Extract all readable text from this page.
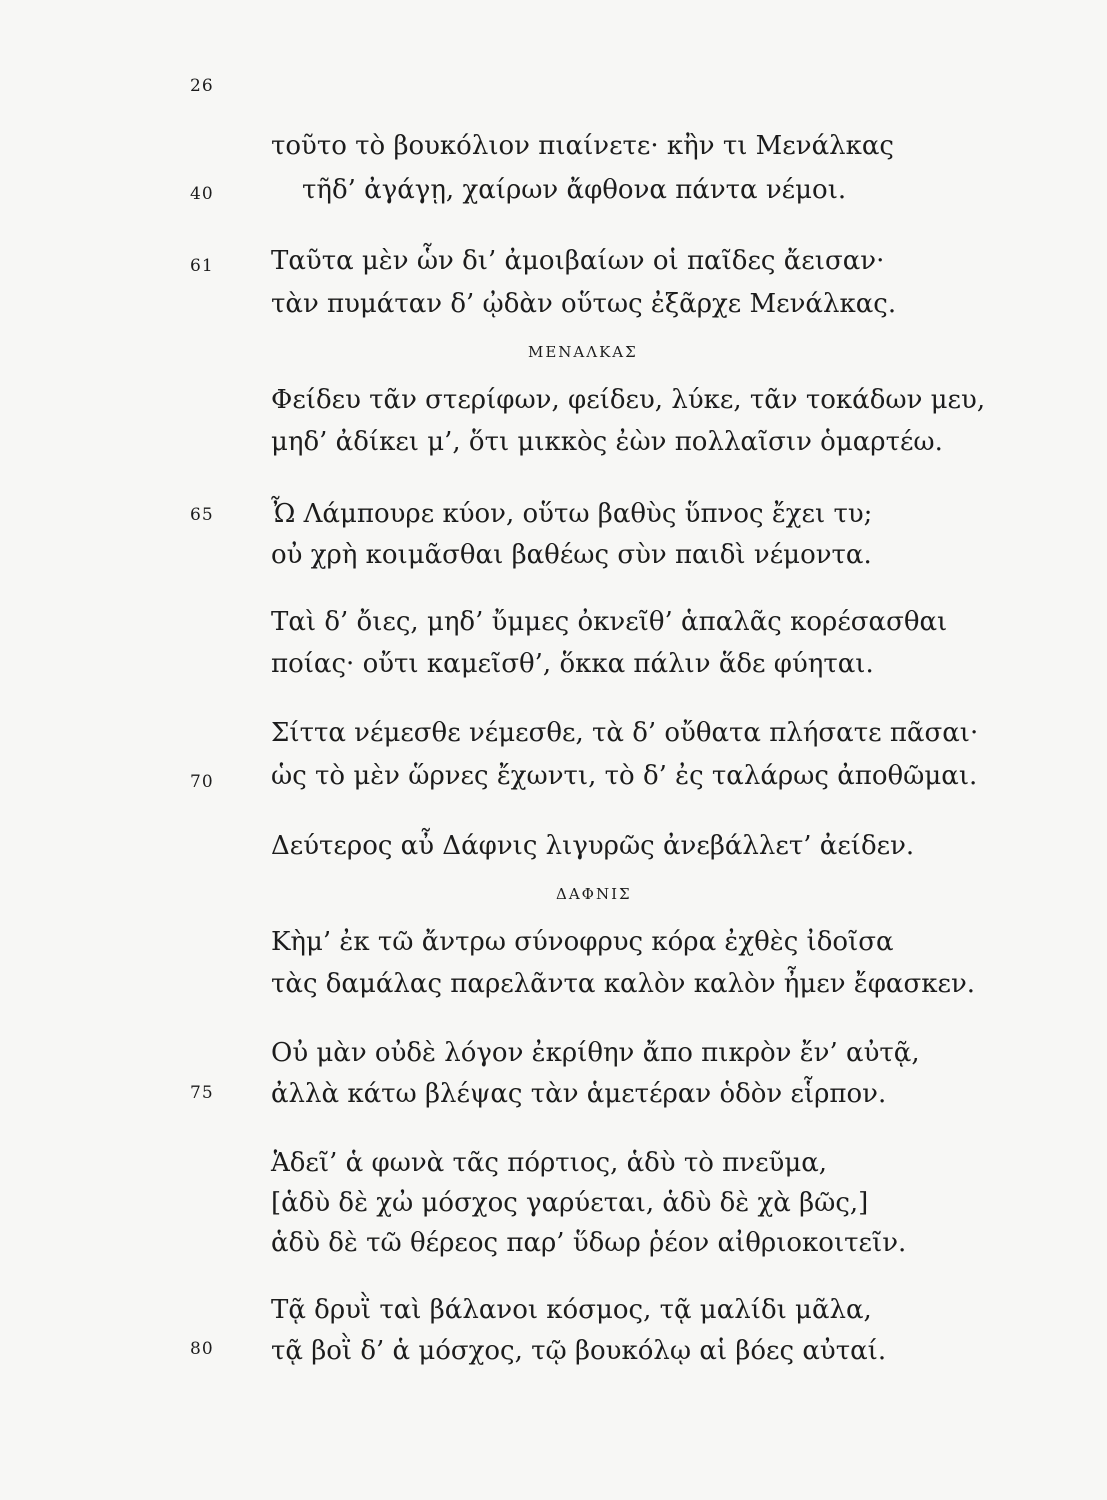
26
τοῦτο τὸ βουκόλιον πιαίνετε· κἢν τι Μενάλκας
40	τῆδ’ ἀγάγῃ, χαίρων ἄφθονα πάντα νέμοι.
61 Ταῦτα μὲν ὧν δι’ ἀμοιβαίων οἱ παῖδες ἄεισαν·
τὰν πυμάταν δ’ ᾠδὰν οὕτως ἐξᾶρχε Μενάλκας.
ΜΕΝΑΛΚΑΣ
Φείδευ τᾶν στερίφων, φείδευ, λύκε, τᾶν τοκάδων μευ,
μηδ’ ἀδίκει μ’, ὅτι μικκὸς ἐὼν πολλαῖσιν ὁμαρτέω.
65 Ὦ Λάμπουρε κύον, οὕτω βαθὺς ὕπνος ἔχει τυ;
οὐ χρὴ κοιμᾶσθαι βαθέως σὺν παιδὶ νέμοντα.
Ταὶ δ’ ὄιες, μηδ’ ὔμμες ὀκνεῖθ’ ἁπαλᾶς κορέσασθαι
ποίας· οὔτι καμεῖσθ’, ὅκκα πάλιν ἅδε φύηται.
Σίττα νέμεσθε νέμεσθε, τὰ δ’ οὔθατα πλήσατε πᾶσαι·
70 ὡς τὸ μὲν ὥρνες ἔχωντι, τὸ δ’ ἐς ταλάρως ἀποθῶμαι.
Δεύτερος αὖ Δάφνις λιγυρῶς ἀνεβάλλετ’ ἀείδεν.
ΔΑΦΝΙΣ
Κὴμ’ ἐκ τῶ ἄντρω σύνοφρυς κόρα ἐχθὲς ἰδοῖσα
τὰς δαμάλας παρελᾶντα καλὸν καλὸν ἦμεν ἔφασκεν.
Οὐ μὰν οὐδὲ λόγον ἐκρίθην ἄπο πικρὸν ἔν’ αὐτᾷ,
75 ἀλλὰ κάτω βλέψας τὰν ἁμετέραν ὁδὸν εἷρπον.
Ἁδεῖ’ ἁ φωνὰ τᾶς πόρτιος, ἁδὺ τὸ πνεῦμα,
[ἁδὺ δὲ χὠ μόσχος γαρύεται, ἁδὺ δὲ χὰ βῶς,]
ἁδὺ δὲ τῶ θέρεος παρ’ ὕδωρ ῥέον αἰθριοκοιτεῖν.
Τᾷ δρυῒ ταὶ βάλανοι κόσμος, τᾷ μαλίδι μᾶλα,
80 τᾷ βοῒ δ’ ἁ μόσχος, τῷ βουκόλῳ αἱ βόες αὐταί.
